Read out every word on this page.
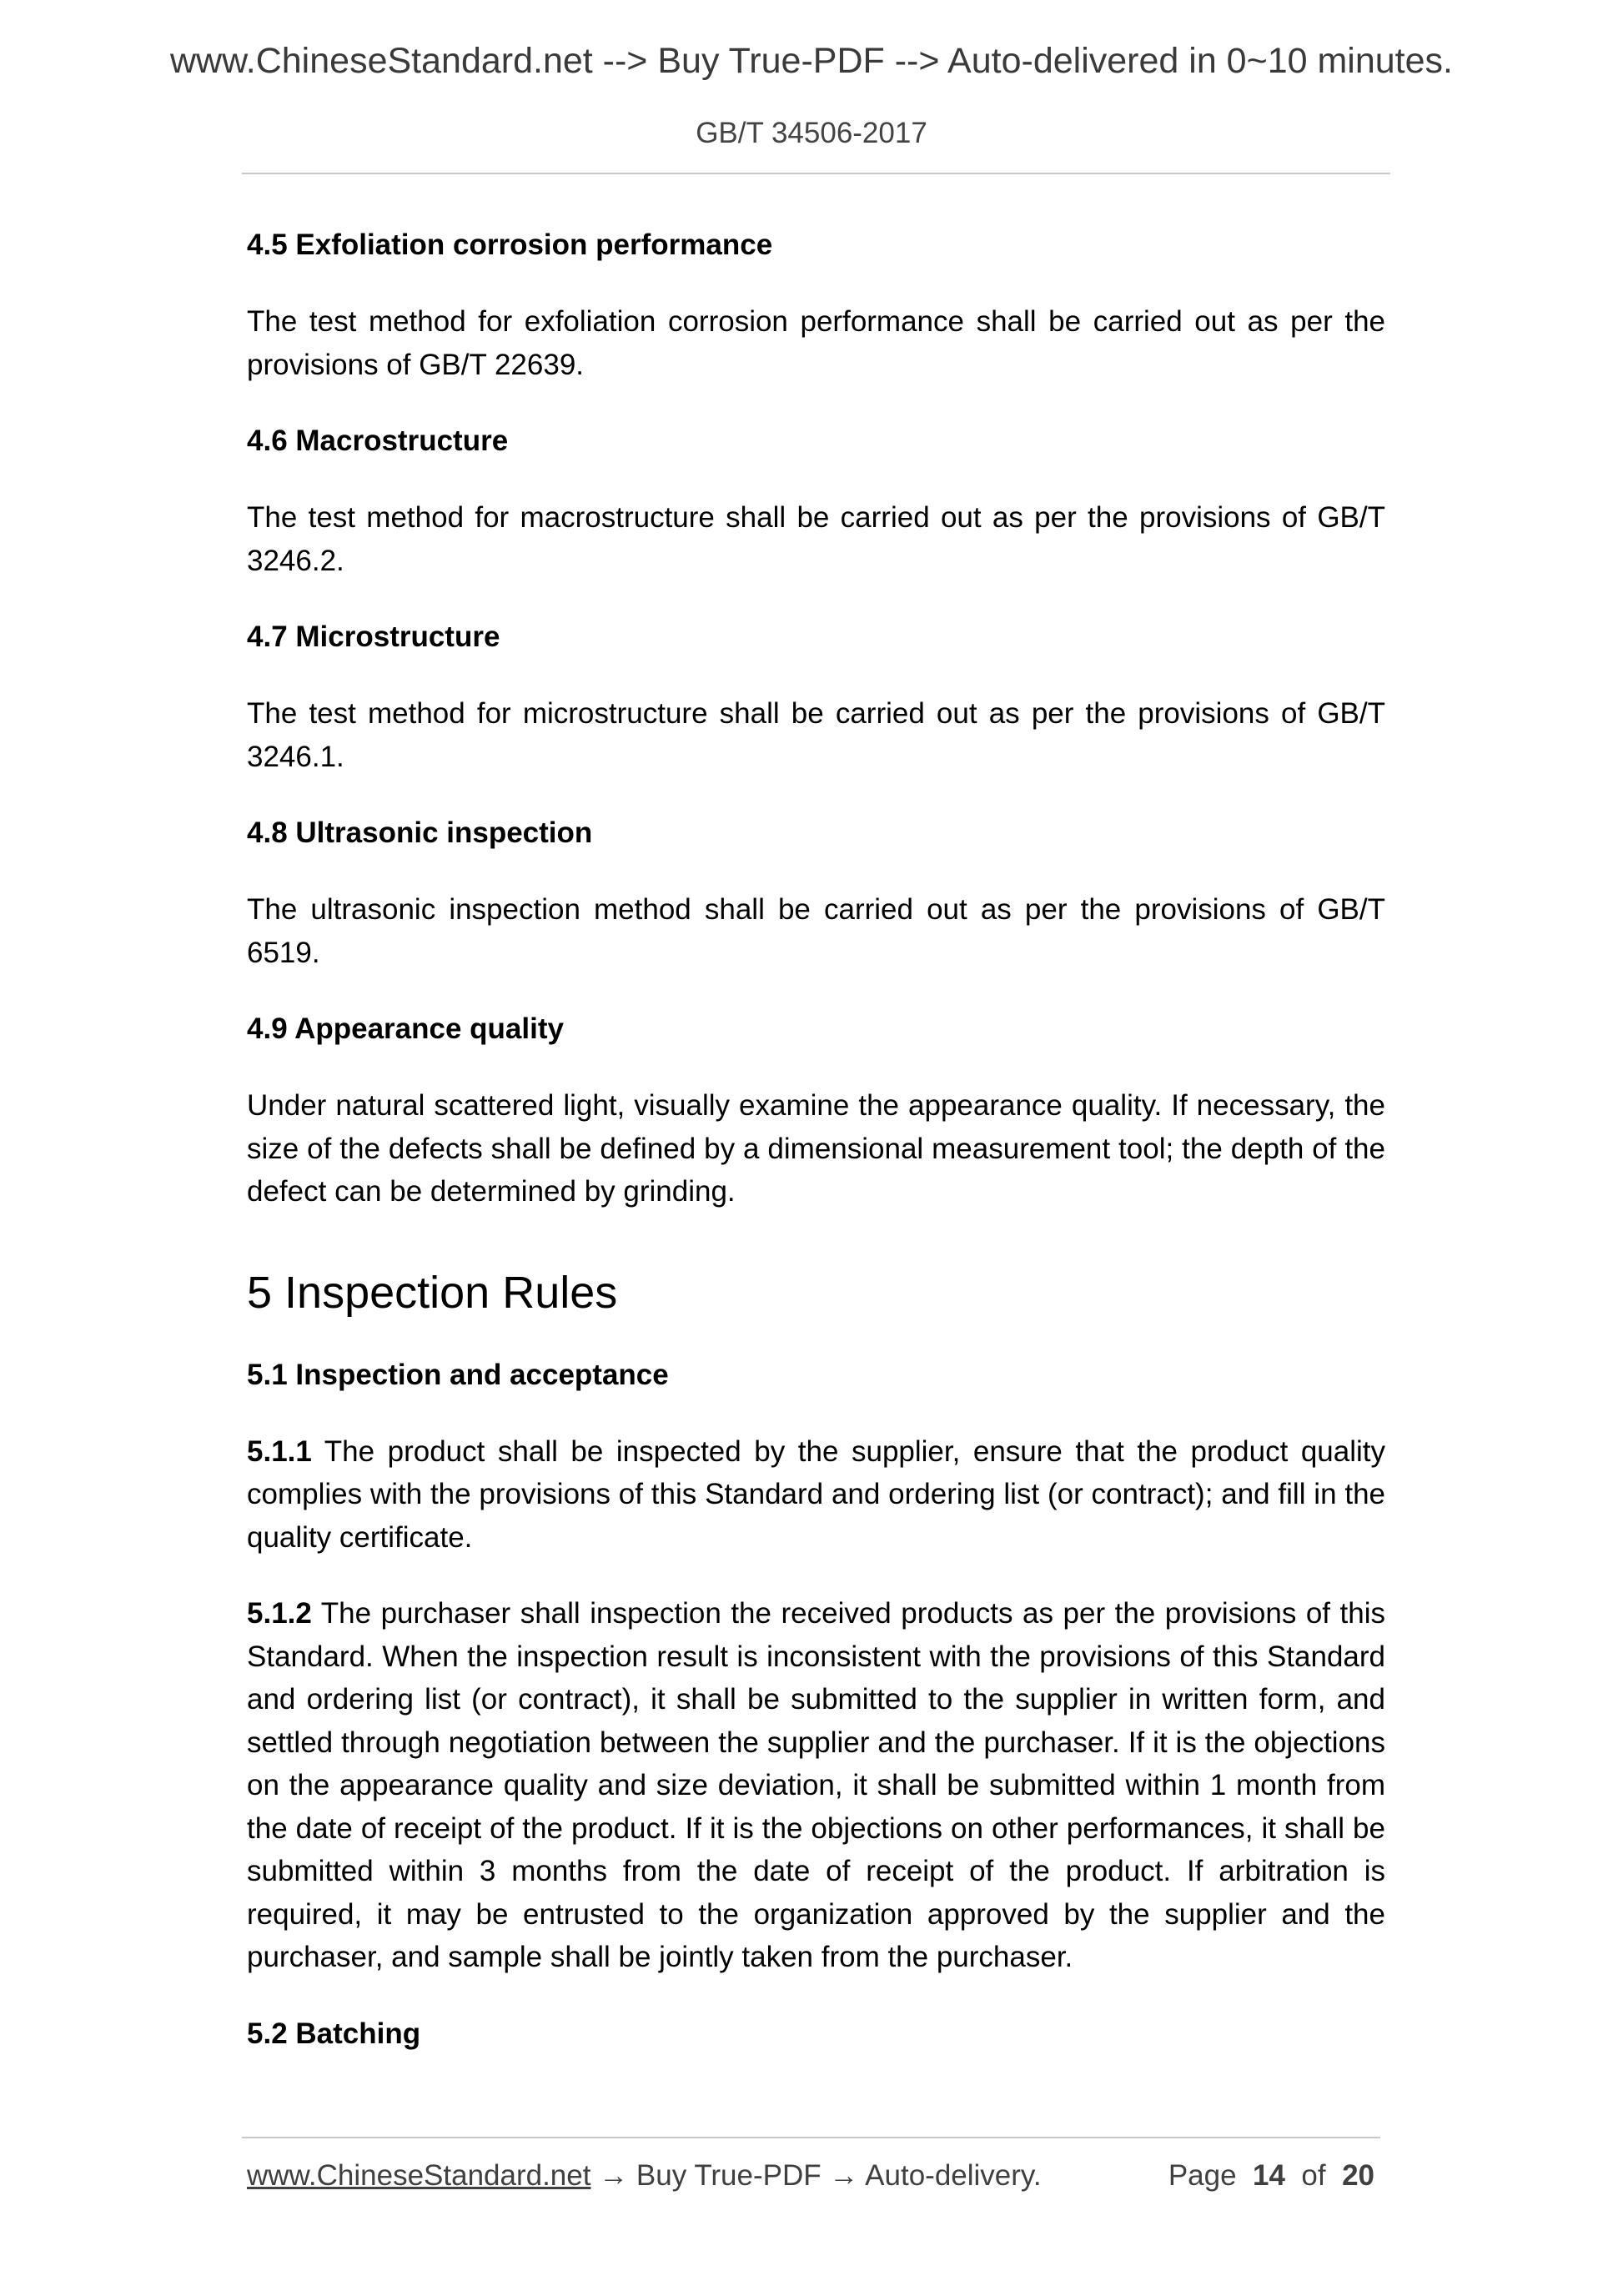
www.ChineseStandard.net --> Buy True-PDF --> Auto-delivered in 0~10 minutes.
GB/T 34506-2017
4.5 Exfoliation corrosion performance
The test method for exfoliation corrosion performance shall be carried out as per the provisions of GB/T 22639.
4.6 Macrostructure
The test method for macrostructure shall be carried out as per the provisions of GB/T 3246.2.
4.7 Microstructure
The test method for microstructure shall be carried out as per the provisions of GB/T 3246.1.
4.8 Ultrasonic inspection
The ultrasonic inspection method shall be carried out as per the provisions of GB/T 6519.
4.9 Appearance quality
Under natural scattered light, visually examine the appearance quality. If necessary, the size of the defects shall be defined by a dimensional measurement tool; the depth of the defect can be determined by grinding.
5 Inspection Rules
5.1 Inspection and acceptance
5.1.1 The product shall be inspected by the supplier, ensure that the product quality complies with the provisions of this Standard and ordering list (or contract); and fill in the quality certificate.
5.1.2 The purchaser shall inspection the received products as per the provisions of this Standard. When the inspection result is inconsistent with the provisions of this Standard and ordering list (or contract), it shall be submitted to the supplier in written form, and settled through negotiation between the supplier and the purchaser. If it is the objections on the appearance quality and size deviation, it shall be submitted within 1 month from the date of receipt of the product. If it is the objections on other performances, it shall be submitted within 3 months from the date of receipt of the product. If arbitration is required, it may be entrusted to the organization approved by the supplier and the purchaser, and sample shall be jointly taken from the purchaser.
5.2 Batching
www.ChineseStandard.net → Buy True-PDF → Auto-delivery.	Page 14 of 20
